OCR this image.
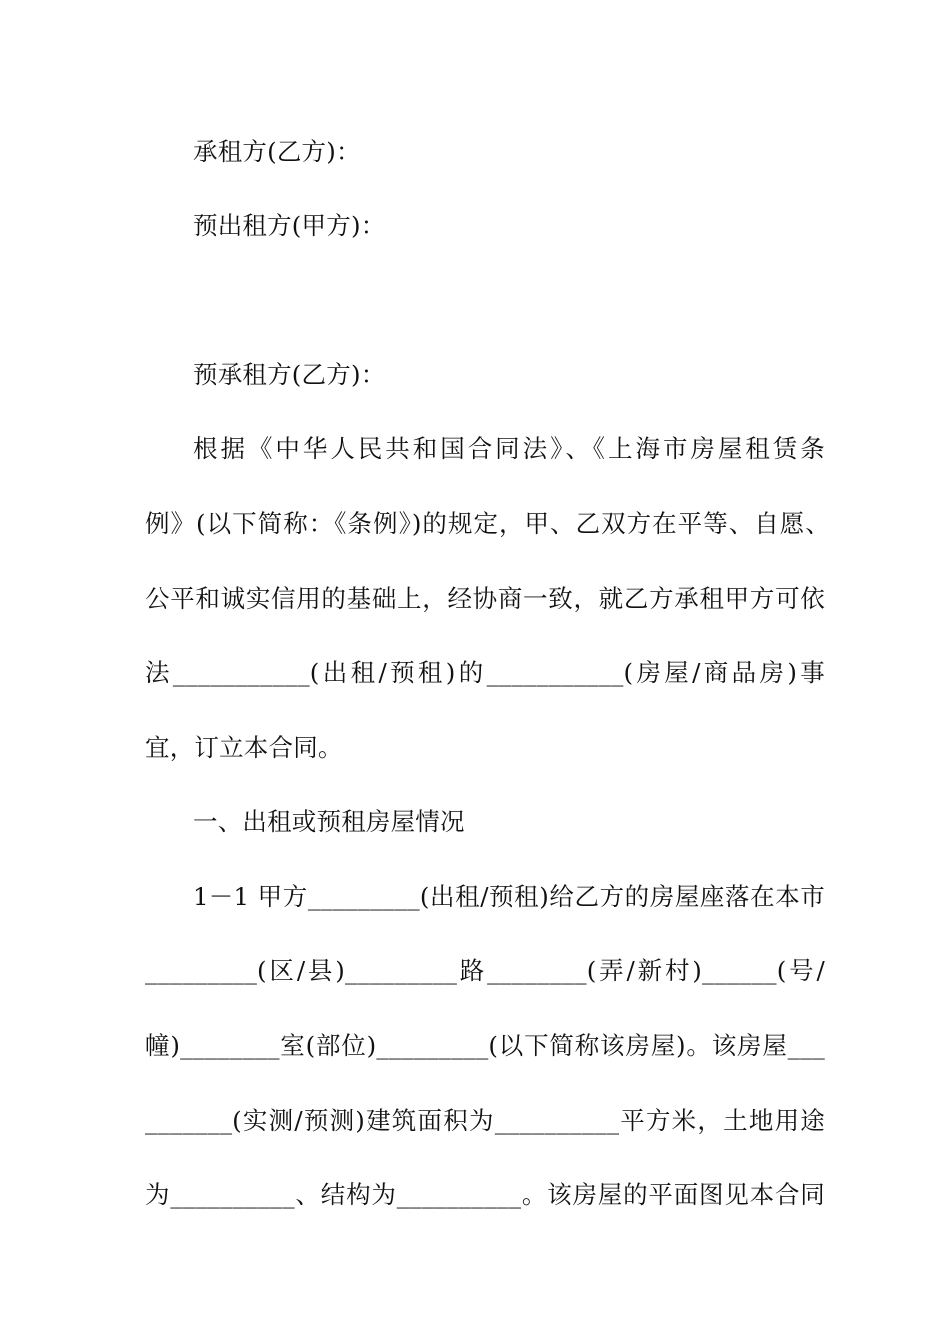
承租方(乙方)：
预出租方(甲方)：
预承租方(乙方)：
根据《中华人民共和国合同法》、《上海市房屋租赁条
例》(以下简称：《条例》)的规定，甲、乙双方在平等、自愿、
公平和诚实信用的基础上，经协商一致，就乙方承租甲方可依
法___________(出租/预租)的___________(房屋/商品房)事
宜，订立本合同。
一、出租或预租房屋情况
1－1 甲方_________(出租/预租)给乙方的房屋座落在本市
_________(区/县)_________路________(弄/新村)______(号/
幢)________室(部位)_________(以下简称该房屋)。该房屋___
_______(实测/预测)建筑面积为__________平方米，土地用途
为__________、结构为__________。该房屋的平面图见本合同
